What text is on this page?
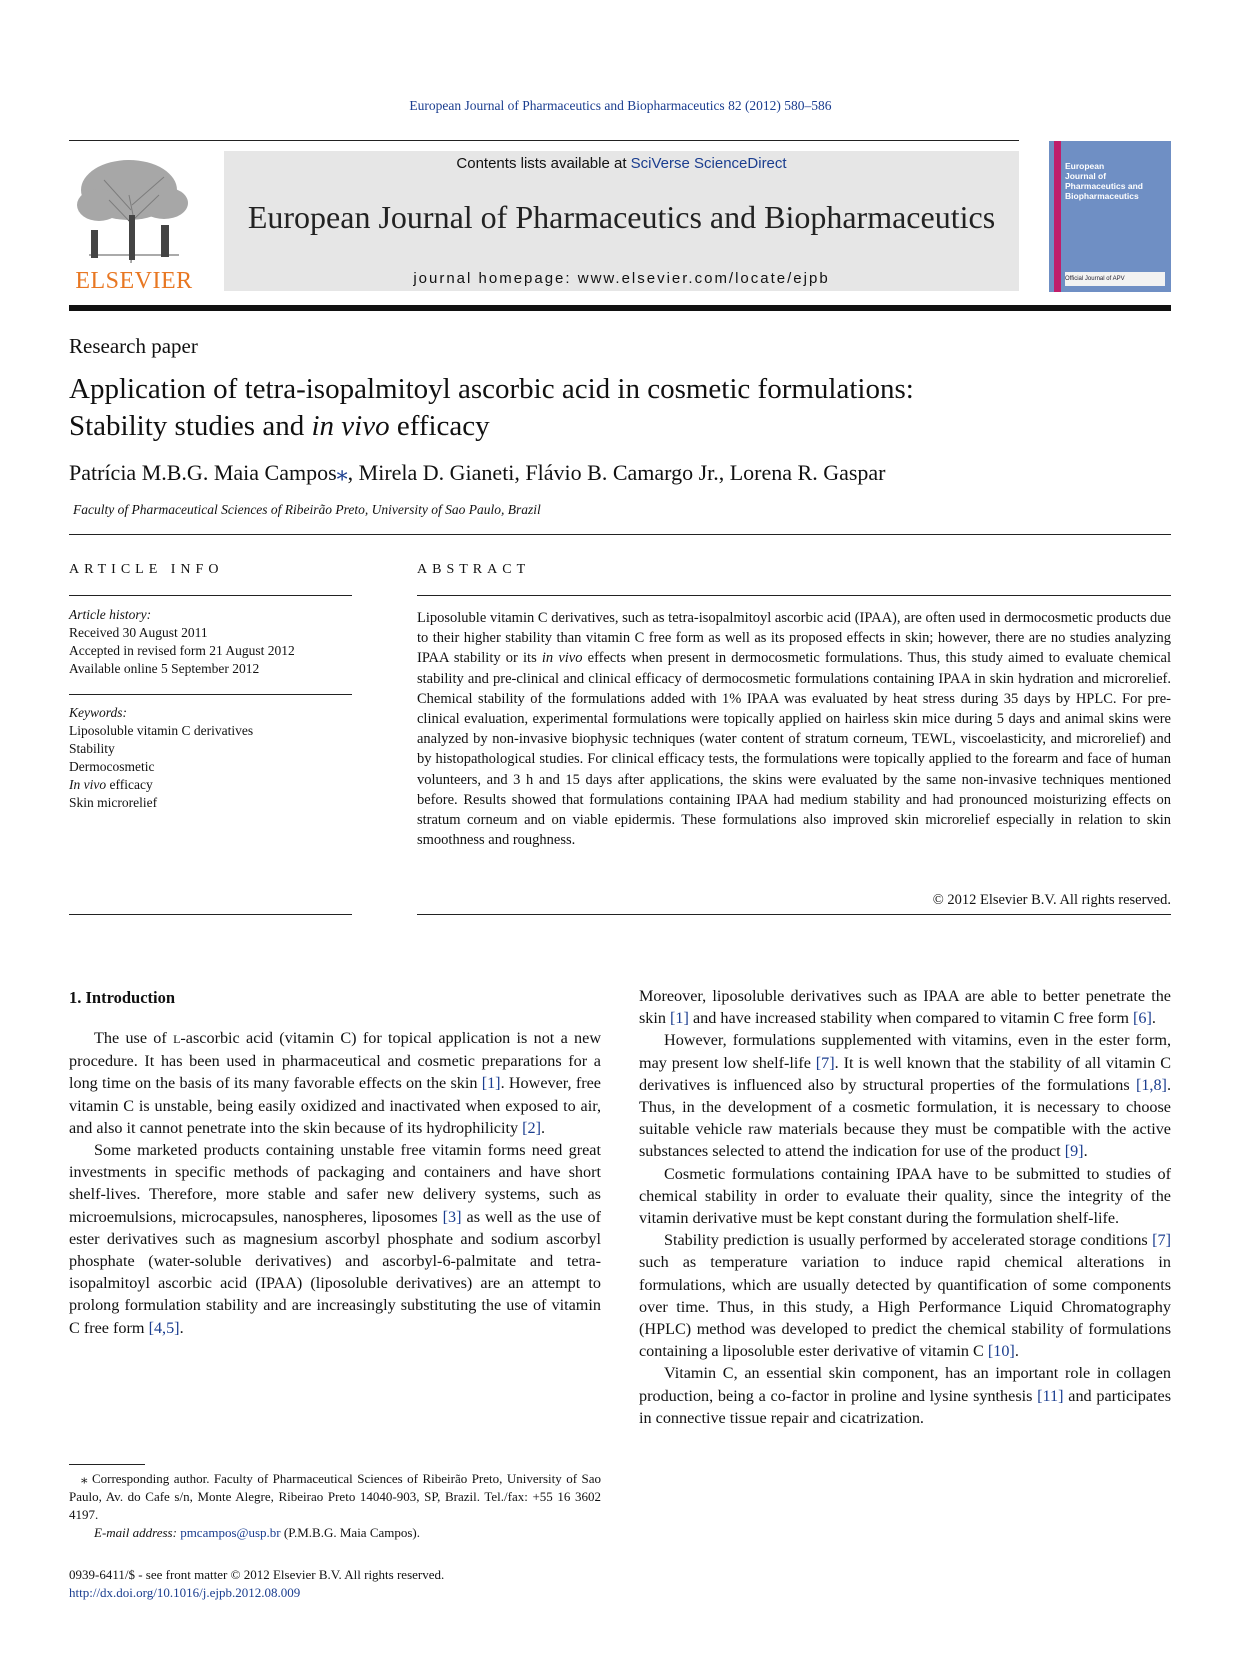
European Journal of Pharmaceutics and Biopharmaceutics 82 (2012) 580–586
ELSEVIER
Contents lists available at SciVerse ScienceDirect
European Journal of Pharmaceutics and Biopharmaceutics
journal homepage: www.elsevier.com/locate/ejpb
European
Journal of
Pharmaceutics and
Biopharmaceutics
Official Journal of APV
Research paper
Application of tetra-isopalmitoyl ascorbic acid in cosmetic formulations:
Stability studies and in vivo efficacy
Patrícia M.B.G. Maia Campos⁎, Mirela D. Gianeti, Flávio B. Camargo Jr., Lorena R. Gaspar
Faculty of Pharmaceutical Sciences of Ribeirão Preto, University of Sao Paulo, Brazil
ARTICLE INFO
Article history:
Received 30 August 2011
Accepted in revised form 21 August 2012
Available online 5 September 2012
Keywords:
Liposoluble vitamin C derivatives
Stability
Dermocosmetic
In vivo efficacy
Skin microrelief
ABSTRACT
Liposoluble vitamin C derivatives, such as tetra-isopalmitoyl ascorbic acid (IPAA), are often used in dermocosmetic products due to their higher stability than vitamin C free form as well as its proposed effects in skin; however, there are no studies analyzing IPAA stability or its in vivo effects when present in dermocosmetic formulations. Thus, this study aimed to evaluate chemical stability and pre-clinical and clinical efficacy of dermocosmetic formulations containing IPAA in skin hydration and microrelief. Chemical stability of the formulations added with 1% IPAA was evaluated by heat stress during 35 days by HPLC. For pre-clinical evaluation, experimental formulations were topically applied on hairless skin mice during 5 days and animal skins were analyzed by non-invasive biophysic techniques (water content of stratum corneum, TEWL, viscoelasticity, and microrelief) and by histopathological studies. For clinical efficacy tests, the formulations were topically applied to the forearm and face of human volunteers, and 3 h and 15 days after applications, the skins were evaluated by the same non-invasive techniques mentioned before. Results showed that formulations containing IPAA had medium stability and had pronounced moisturizing effects on stratum corneum and on viable epidermis. These formulations also improved skin microrelief especially in relation to skin smoothness and roughness.
© 2012 Elsevier B.V. All rights reserved.
1. Introduction

The use of L-ascorbic acid (vitamin C) for topical application is not a new procedure. It has been used in pharmaceutical and cosmetic preparations for a long time on the basis of its many favorable effects on the skin [1]. However, free vitamin C is unstable, being easily oxidized and inactivated when exposed to air, and also it cannot penetrate into the skin because of its hydrophilicity [2].

Some marketed products containing unstable free vitamin forms need great investments in specific methods of packaging and containers and have short shelf-lives. Therefore, more stable and safer new delivery systems, such as microemulsions, microcapsules, nanospheres, liposomes [3] as well as the use of ester derivatives such as magnesium ascorbyl phosphate and sodium ascorbyl phosphate (water-soluble derivatives) and ascorbyl-6-palmitate and tetra-isopalmitoyl ascorbic acid (IPAA) (liposoluble derivatives) are an attempt to prolong formulation stability and are increasingly substituting the use of vitamin C free form [4,5].

Moreover, liposoluble derivatives such as IPAA are able to better penetrate the skin [1] and have increased stability when compared to vitamin C free form [6].

However, formulations supplemented with vitamins, even in the ester form, may present low shelf-life [7]. It is well known that the stability of all vitamin C derivatives is influenced also by structural properties of the formulations [1,8]. Thus, in the development of a cosmetic formulation, it is necessary to choose suitable vehicle raw materials because they must be compatible with the active substances selected to attend the indication for use of the product [9].

Cosmetic formulations containing IPAA have to be submitted to studies of chemical stability in order to evaluate their quality, since the integrity of the vitamin derivative must be kept constant during the formulation shelf-life.

Stability prediction is usually performed by accelerated storage conditions [7] such as temperature variation to induce rapid chemical alterations in formulations, which are usually detected by quantification of some components over time. Thus, in this study, a High Performance Liquid Chromatography (HPLC) method was developed to predict the chemical stability of formulations containing a liposoluble ester derivative of vitamin C [10].

Vitamin C, an essential skin component, has an important role in collagen production, being a co-factor in proline and lysine synthesis [11] and participates in connective tissue repair and cicatrization.

⁎ Corresponding author. Faculty of Pharmaceutical Sciences of Ribeirão Preto, University of Sao Paulo, Av. do Cafe s/n, Monte Alegre, Ribeirao Preto 14040-903, SP, Brazil. Tel./fax: +55 16 3602 4197.
E-mail address: pmcampos@usp.br (P.M.B.G. Maia Campos).
0939-6411/$ - see front matter © 2012 Elsevier B.V. All rights reserved.
http://dx.doi.org/10.1016/j.ejpb.2012.08.009
